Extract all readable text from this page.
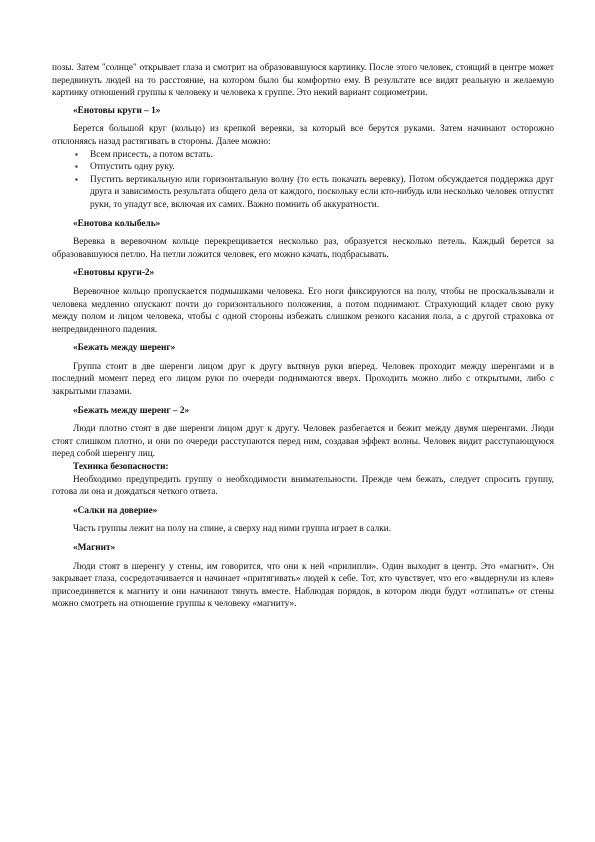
позы. Затем "солнце" открывает глаза и смотрит на образовавшуюся картинку. После этого человек, стоящий в центре может передвинуть людей на то расстояние, на котором было бы комфортно ему. В результате все видят реальную и желаемую картинку отношений группы к человеку и человека к группе. Это некий вариант социометрии.

«Енотовы круги – 1»

Берется большой круг (кольцо) из крепкой веревки, за который все берутся руками. Затем начинают осторожно отклоняясь назад растягивать в стороны. Далее можно:

▪ Всем присесть, а потом встать.
▪ Отпустить одну руку.
▪ Пустить вертикальную или горизонтальную волну (то есть покачать веревку). Потом обсуждается поддержка друг друга и зависимость результата общего дела от каждого, поскольку если кто-нибудь или несколько человек отпустят руки, то упадут все, включая их самих. Важно помнить об аккуратности.

«Енотова колыбель»

Веревка в веревочном кольце перекрещивается несколько раз, образуется несколько петель. Каждый берется за образовавшуюся петлю. На петли ложится человек, его можно качать, подбрасывать.

«Енотовы круги-2»

Веревочное кольцо пропускается подмышками человека. Его ноги фиксируются на полу, чтобы не проскальзывали и человека медленно опускают почти до горизонтального положения, а потом поднимают. Страхующий кладет свою руку между полом и лицом человека, чтобы с одной стороны избежать слишком резкого касания пола, а с другой страховка от непредвиденного падения.

«Бежать между шеренг»

Группа стоит в две шеренги лицом друг к другу вытянув руки вперед. Человек проходит между шеренгами и в последний момент перед его лицом руки по очереди поднимаются вверх. Проходить можно либо с открытыми, либо с закрытыми глазами.

«Бежать между шеренг – 2»

Люди плотно стоят в две шеренги лицом друг к другу. Человек разбегается и бежит между двумя шеренгами. Люди стоят слишком плотно, и они по очереди расступаются перед ним, создавая эффект волны. Человек видит расступающуюся перед собой шеренгу лиц.

Техника безопасности:

Необходимо предупредить группу о необходимости внимательности. Прежде чем бежать, следует спросить группу, готова ли она и дождаться четкого ответа.

«Салки на доверие»

Часть группы лежит на полу на спине, а сверху над ними группа играет в салки.

«Магнит»

Люди стоят в шеренгу у стены, им говорится, что они к ней «прилипли». Один выходит в центр. Это «магнит». Он закрывает глаза, сосредотачивается и начинает «притягивать» людей к себе. Тот, кто чувствует, что его «выдернули из клея» присоединяется к магниту и они начинают тянуть вместе. Наблюдая порядок, в котором люди будут «отлипать» от стены можно смотреть на отношение группы к человеку «магниту».
